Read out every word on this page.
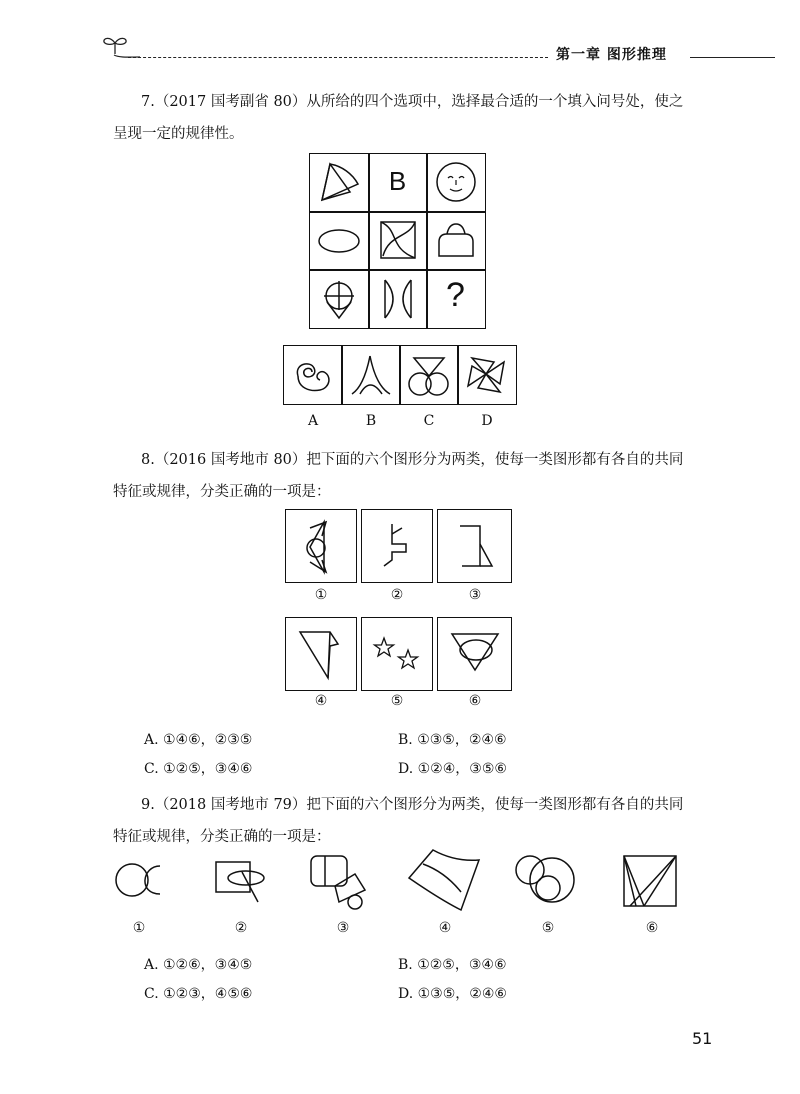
第一章 图形推理
7.（2017 国考副省 80）从所给的四个选项中，选择最合适的一个填入问号处，使之呈现一定的规律性。
B
?
A	B	C	D
8.（2016 国考地市 80）把下面的六个图形分为两类，使每一类图形都有各自的共同特征或规律，分类正确的一项是：
①	②	③
④	⑤	⑥
A. ①④⑥，②③⑤	B. ①③⑤，②④⑥
C. ①②⑤，③④⑥	D. ①②④，③⑤⑥
9.（2018 国考地市 79）把下面的六个图形分为两类，使每一类图形都有各自的共同特征或规律，分类正确的一项是：
①	②	③	④	⑤	⑥
A. ①②⑥，③④⑤	B. ①②⑤，③④⑥
C. ①②③，④⑤⑥	D. ①③⑤，②④⑥
51
